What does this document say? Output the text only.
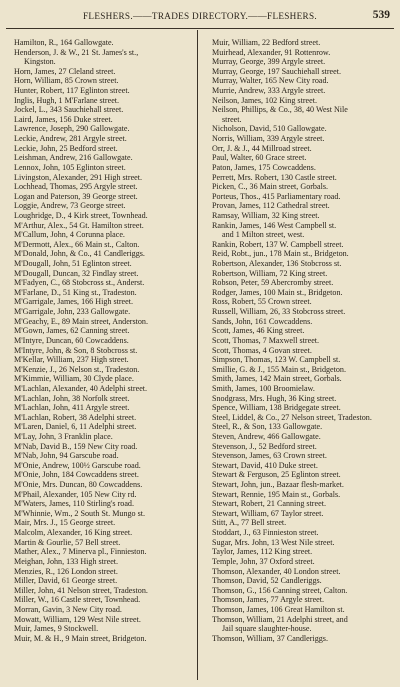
FLESHERS.——TRADES DIRECTORY.——FLESHERS.	539
Hamilton, R., 164 Gallowgate.
Henderson, J. & W., 21 St. James's st.,
Kingston.
Horn, James, 27 Cleland street.
Horn, William, 85 Crown street.
Hunter, Robert, 117 Eglinton street.
Inglis, Hugh, 1 M'Farlane street.
Jockel, L., 343 Sauchiehall street.
Laird, James, 156 Duke street.
Lawrence, Joseph, 290 Gallowgate.
Leckie, Andrew, 281 Argyle street.
Leckie, John, 25 Bedford street.
Leishman, Andrew, 216 Gallowgate.
Lennox, John, 105 Eglinton street.
Livingston, Alexander, 291 High street.
Lochhead, Thomas, 295 Argyle street.
Logan and Paterson, 39 George street.
Loggie, Andrew, 73 George street.
Loughridge, D., 4 Kirk street, Townhead.
M'Arthur, Alex., 54 Gt. Hamilton street.
M'Callum, John, 4 Corunna place.
M'Dermott, Alex., 66 Main st., Calton.
M'Donald, John, & Co., 41 Candleriggs.
M'Dougall, John, 51 Eglinton street.
M'Dougall, Duncan, 32 Findlay street.
M'Fadyen, C., 68 Stobcross st., Anderst.
M'Farlane, D., 51 King st., Tradeston.
M'Garrigale, James, 166 High street.
M'Garrigale, John, 233 Gallowgate.
M'Geachy, E., 89 Main street, Anderston.
M'Gown, James, 62 Canning street.
M'Intyre, Duncan, 60 Cowcaddens.
M'Intyre, John, & Son, 8 Stobcross st.
M'Kellar, William, 237 High street.
M'Kenzie, J., 26 Nelson st., Tradeston.
M'Kimmie, William, 30 Clyde place.
M'Lachlan, Alexander, 40 Adelphi street.
M'Lachlan, John, 38 Norfolk street.
M'Lachlan, John, 411 Argyle street.
M'Lachlan, Robert, 38 Adelphi street.
M'Laren, Daniel, 6, 11 Adelphi street.
M'Lay, John, 3 Franklin place.
M'Nab, David B., 159 New City road.
M'Nab, John, 94 Garscube road.
M'Onie, Andrew, 100½ Garscube road.
M'Onie, John, 184 Cowcaddens street.
M'Onie, Mrs. Duncan, 80 Cowcaddens.
M'Phail, Alexander, 105 New City rd.
M'Waters, James, 110 Stirling's road.
M'Whinnie, Wm., 2 South St. Mungo st.
Mair, Mrs. J., 15 George street.
Malcolm, Alexander, 16 King street.
Martin & Gourlie, 57 Bell street.
Mather, Alex., 7 Minerva pl., Finnieston.
Meighan, John, 133 High street.
Menzies, R., 126 London street.
Miller, David, 61 George street.
Miller, John, 41 Nelson street, Tradeston.
Miller, W., 16 Castle street, Townhead.
Morran, Gavin, 3 New City road.
Mowatt, William, 129 West Nile street.
Muir, James, 9 Stockwell.
Muir, M. & H., 9 Main street, Bridgeton.
Muir, William, 22 Bedford street.
Muirhead, Alexander, 91 Rottenrow.
Murray, George, 399 Argyle street.
Murray, George, 197 Sauchiehall street.
Murray, Walter, 165 New City road.
Murrie, Andrew, 333 Argyle street.
Neilson, James, 102 King street.
Neilson, Phillips, & Co., 38, 40 West Nile
street.
Nicholson, David, 510 Gallowgate.
Norris, William, 339 Argyle street.
Orr, J. & J., 44 Millroad street.
Paul, Walter, 60 Grace street.
Paton, James, 175 Cowcaddens.
Perrett, Mrs. Robert, 130 Castle street.
Picken, C., 36 Main street, Gorbals.
Porteus, Thos., 415 Parliamentary road.
Provan, James, 112 Cathedral street.
Ramsay, William, 32 King street.
Rankin, James, 146 West Campbell st.
and 1 Milton street, west.
Rankin, Robert, 137 W. Campbell street.
Reid, Robt., jun., 178 Main st., Bridgeton.
Robertson, Alexander, 136 Stobcross st.
Robertson, William, 72 King street.
Robson, Peter, 59 Abercromby street.
Rodger, James, 100 Main st., Bridgeton.
Ross, Robert, 55 Crown street.
Russell, William, 26, 33 Stobcross street.
Sands, John, 161 Cowcaddens.
Scott, James, 46 King street.
Scott, Thomas, 7 Maxwell street.
Scott, Thomas, 4 Govan street.
Simpson, Thomas, 123 W. Campbell st.
Smillie, G. & J., 155 Main st., Bridgeton.
Smith, James, 142 Main street, Gorbals.
Smith, James, 100 Broomielaw.
Snodgrass, Mrs. Hugh, 36 King street.
Spence, William, 138 Bridgegate street.
Steel, Liddel, & Co., 27 Nelson street, Tradeston.
Steel, R., & Son, 133 Gallowgate.
Steven, Andrew, 466 Gallowgate.
Stevenson, J., 52 Bedford street.
Stevenson, James, 63 Crown street.
Stewart, David, 410 Duke street.
Stewart & Ferguson, 25 Eglinton street.
Stewart, John, jun., Bazaar flesh-market.
Stewart, Rennie, 195 Main st., Gorbals.
Stewart, Robert, 21 Canning street.
Stewart, William, 67 Taylor street.
Stitt, A., 77 Bell street.
Stoddart, J., 63 Finnieston street.
Sugar, Mrs. John, 13 West Nile street.
Taylor, James, 112 King street.
Temple, John, 37 Oxford street.
Thomson, Alexander, 40 London street.
Thomson, David, 52 Candleriggs.
Thomson, G., 156 Canning street, Calton.
Thomson, James, 77 Argyle street.
Thomson, James, 106 Great Hamilton st.
Thomson, William, 21 Adelphi street, and
Jail square slaughter-house.
Thomson, William, 37 Candleriggs.
